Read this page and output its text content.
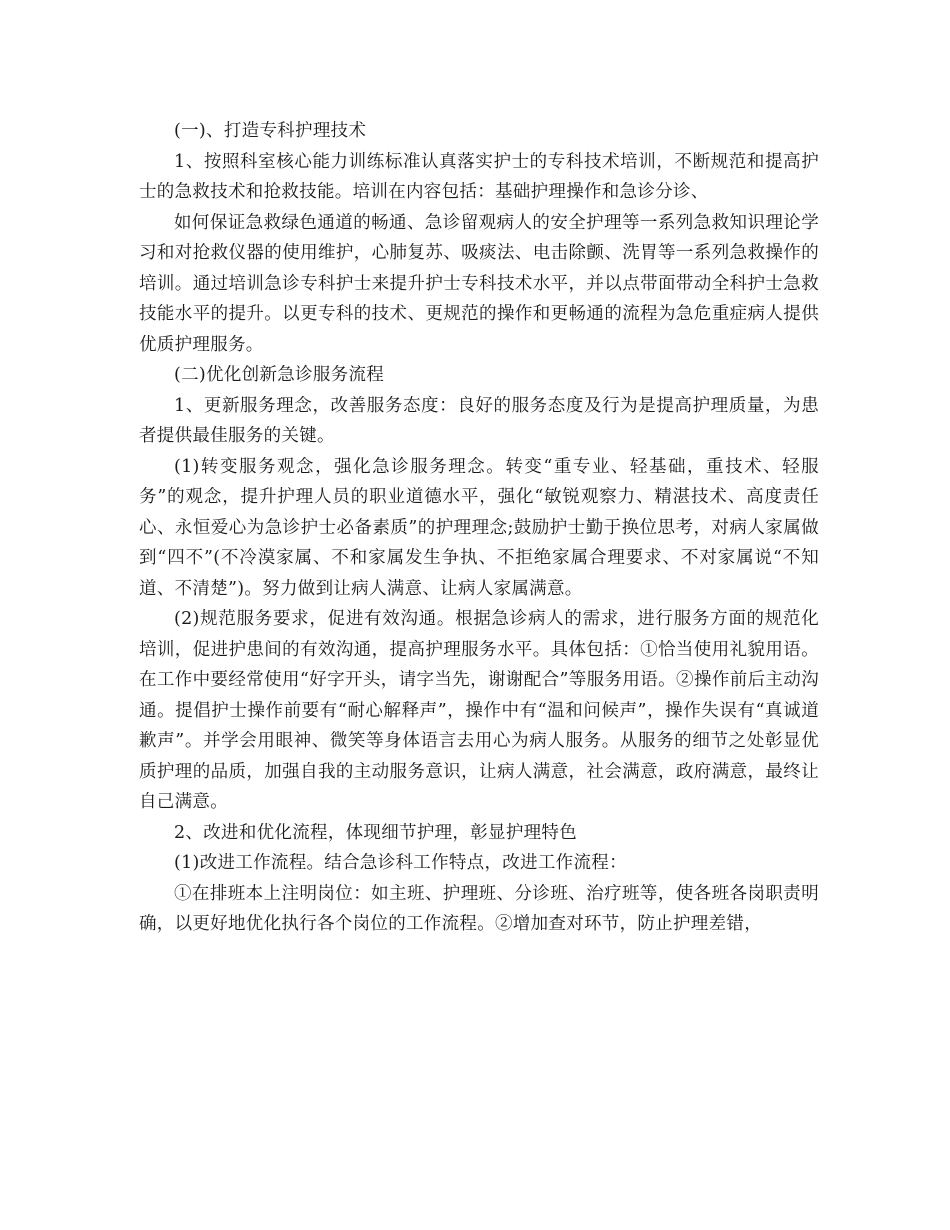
(一)、打造专科护理技术

1、按照科室核心能力训练标准认真落实护士的专科技术培训，不断规范和提高护士的急救技术和抢救技能。培训在内容包括：基础护理操作和急诊分诊、

如何保证急救绿色通道的畅通、急诊留观病人的安全护理等一系列急救知识理论学习和对抢救仪器的使用维护，心肺复苏、吸痰法、电击除颤、洗胃等一系列急救操作的培训。通过培训急诊专科护士来提升护士专科技术水平，并以点带面带动全科护士急救技能水平的提升。以更专科的技术、更规范的操作和更畅通的流程为急危重症病人提供优质护理服务。

(二)优化创新急诊服务流程

1、更新服务理念，改善服务态度：良好的服务态度及行为是提高护理质量，为患者提供最佳服务的关键。

(1)转变服务观念，强化急诊服务理念。转变“重专业、轻基础，重技术、轻服务”的观念，提升护理人员的职业道德水平，强化“敏锐观察力、精湛技术、高度责任心、永恒爱心为急诊护士必备素质”的护理理念;鼓励护士勤于换位思考，对病人家属做到“四不”(不冷漠家属、不和家属发生争执、不拒绝家属合理要求、不对家属说“不知道、不清楚”)。努力做到让病人满意、让病人家属满意。

(2)规范服务要求，促进有效沟通。根据急诊病人的需求，进行服务方面的规范化培训，促进护患间的有效沟通，提高护理服务水平。具体包括：①恰当使用礼貌用语。在工作中要经常使用“好字开头，请字当先，谢谢配合”等服务用语。②操作前后主动沟通。提倡护士操作前要有“耐心解释声”，操作中有“温和问候声”，操作失误有“真诚道歉声”。并学会用眼神、微笑等身体语言去用心为病人服务。从服务的细节之处彰显优质护理的品质，加强自我的主动服务意识，让病人满意，社会满意，政府满意，最终让自己满意。

2、改进和优化流程，体现细节护理，彰显护理特色

(1)改进工作流程。结合急诊科工作特点，改进工作流程：

①在排班本上注明岗位：如主班、护理班、分诊班、治疗班等，使各班各岗职责明确，以更好地优化执行各个岗位的工作流程。②增加查对环节，防止护理差错，
